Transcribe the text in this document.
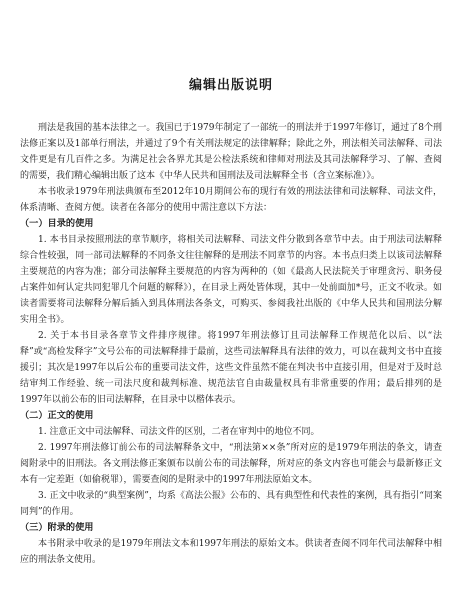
编辑出版说明

刑法是我国的基本法律之一。我国已于1979年制定了一部统一的刑法并于1997年修订，通过了8个刑法修正案以及1部单行刑法，并通过了9个有关刑法规定的法律解释；除此之外，刑法相关司法解释、司法文件更是有几百件之多。为满足社会各界尤其是公检法系统和律师对刑法及其司法解释学习、了解、查阅的需要，我们精心编辑出版了这本《中华人民共和国刑法及司法解释全书（含立案标准）》。

本书收录1979年刑法典颁布至2012年10月期间公布的现行有效的刑法法律和司法解释、司法文件，体系清晰、查阅方便。读者在各部分的使用中需注意以下方法：

（一）目录的使用

1. 本书目录按照刑法的章节顺序，将相关司法解释、司法文件分散到各章节中去。由于刑法司法解释综合性较强，同一部司法解释的不同条文往往解释的是刑法不同章节的内容。本书点归类上以该司法解释主要规范的内容为准；部分司法解释主要规范的内容为两种的（如《最高人民法院关于审理贪污、职务侵占案件如何认定共同犯罪几个问题的解释》），在目录上两处皆体现，其中一处前面加*号，正文不收录。如读者需要将司法解释分解后插入到具体刑法各条文，可购买、参阅我社出版的《中华人民共和国刑法分解实用全书》。

2. 关于本书目录各章节文件排序规律。将1997年刑法修订且司法解释工作规范化以后、以“法释”或“高检发释字”文号公布的司法解释排于最前，这些司法解释具有法律的效力，可以在裁判文书中直接援引；其次是1997年以后公布的重要司法文件，这些文件虽然不能在判决书中直接引用，但是对于及时总结审判工作经验、统一司法尺度和裁判标准、规范法官自由裁量权具有非常重要的作用；最后排列的是1997年以前公布的旧司法解释，在目录中以楷体表示。

（二）正文的使用

1. 注意正文中司法解释、司法文件的区别，二者在审判中的地位不同。

2. 1997年刑法修订前公布的司法解释条文中，“刑法第××条”所对应的是1979年刑法的条文，请查阅附录中的旧刑法。各文刑法修正案颁布以前公布的司法解释，所对应的条文内容也可能会与最新修正文本有一定差距（如偷税罪），需要查阅的是附录中的1997年刑法原始文本。

3. 正文中收录的“典型案例”，均系《高法公报》公布的、具有典型性和代表性的案例，具有指引“同案同判”的作用。

（三）附录的使用

本书附录中收录的是1979年刑法文本和1997年刑法的原始文本。供读者查阅不同年代司法解释中相应的刑法条文使用。
